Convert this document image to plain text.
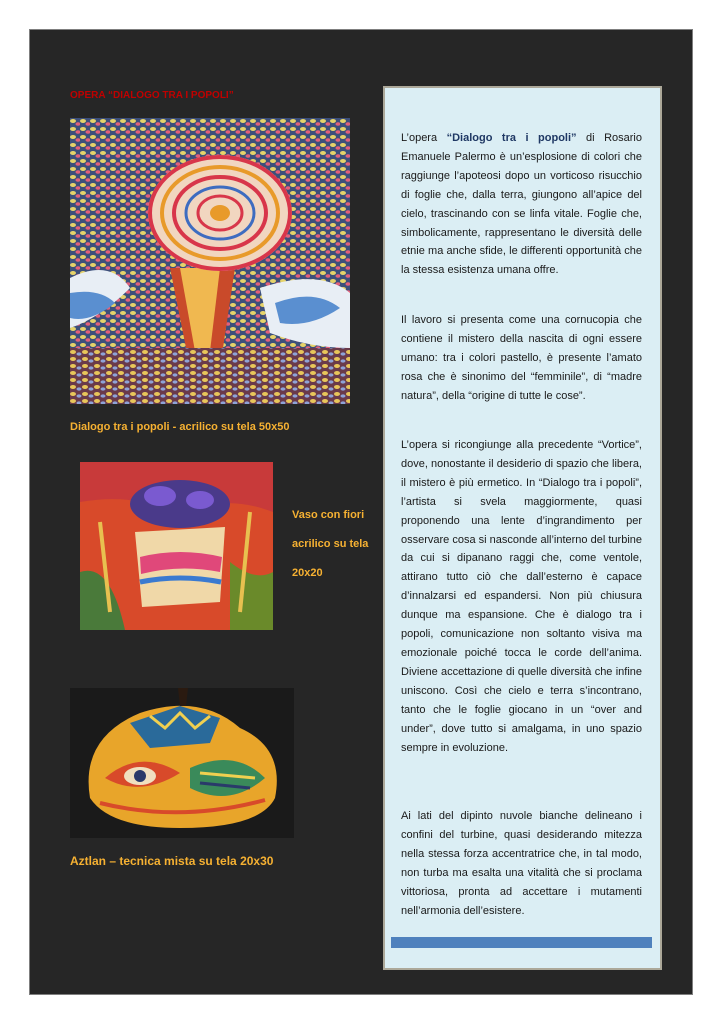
OPERA “DIALOGO TRA I POPOLI”
Dialogo tra i popoli - acrilico su tela 50x50
Vaso con fiori
acrilico su tela
20x20
Aztlan – tecnica mista su tela 20x30

L’opera “Dialogo tra i popoli” di Rosario Emanuele Palermo è un’esplosione di colori che raggiunge l’apoteosi dopo un vorticoso risucchio di foglie che, dalla terra, giungono all’apice del cielo, trascinando con se linfa vitale. Foglie che, simbolicamente, rappresentano le diversità delle etnie ma anche sfide, le differenti opportunità che la stessa esistenza umana offre.

Il lavoro si presenta come una cornucopia che contiene il mistero della nascita di ogni essere umano: tra i colori pastello, è presente l’amato rosa che è sinonimo del “femminile”, di “madre natura”, della “origine di tutte le cose”.

L’opera si ricongiunge alla precedente “Vortice”, dove, nonostante il desiderio di spazio che libera, il mistero è più ermetico. In “Dialogo tra i popoli”, l’artista si svela maggiormente, quasi proponendo una lente d’ingrandimento per osservare cosa si nasconde all’interno del turbine da cui si dipanano raggi che, come ventole, attirano tutto ciò che dall’esterno è capace d’innalzarsi ed espandersi. Non più chiusura dunque ma espansione. Che è dialogo tra i popoli, comunicazione non soltanto visiva ma emozionale poiché tocca le corde dell’anima. Diviene accettazione di quelle diversità che infine uniscono. Così che cielo e terra s’incontrano, tanto che le foglie giocano in un “over and under”, dove tutto si amalgama, in uno spazio sempre in evoluzione.

Ai lati del dipinto nuvole bianche delineano i confini del turbine, quasi desiderando mitezza nella stessa forza accentratrice che, in tal modo, non turba ma esalta una vitalità che si proclama vittoriosa, pronta ad accettare i mutamenti nell’armonia dell’esistere.
